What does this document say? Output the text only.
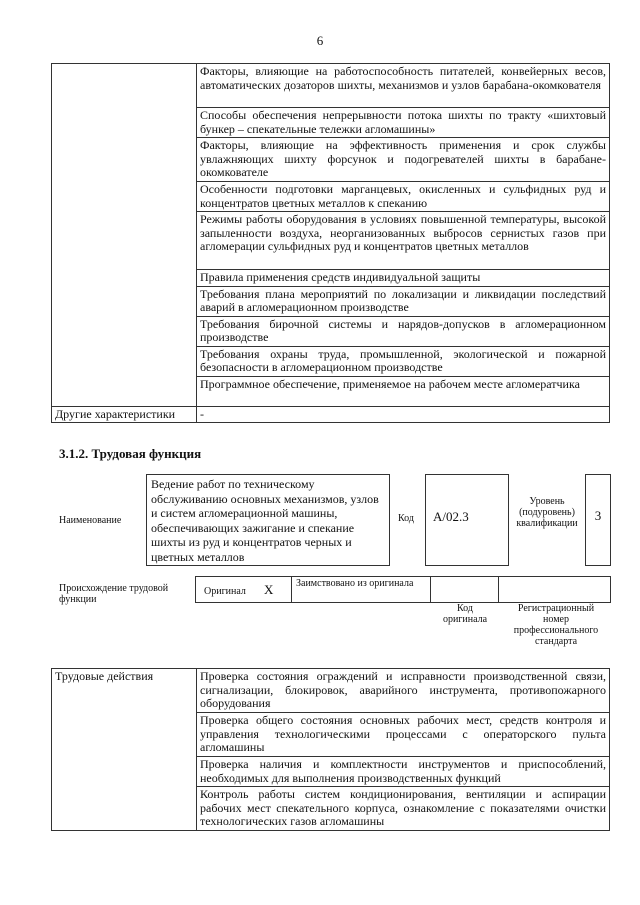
6
	Факторы, влияющие на работоспособность питателей, конвейерных весов, автоматических дозаторов шихты, механизмов и узлов барабана-окомкователя
	Способы обеспечения непрерывности потока шихты по тракту «шихтовый бункер – спекательные тележки агломашины»
	Факторы, влияющие на эффективность применения и срок службы увлажняющих шихту форсунок и подогревателей шихты в барабане-окомкователе
	Особенности подготовки марганцевых, окисленных и сульфидных руд и концентратов цветных металлов к спеканию
	Режимы работы оборудования в условиях повышенной температуры, высокой запыленности воздуха, неорганизованных выбросов сернистых газов при агломерации сульфидных руд и концентратов цветных металлов
	Правила применения средств индивидуальной защиты
	Требования плана мероприятий по локализации и ликвидации последствий аварий в агломерационном производстве
	Требования бирочной системы и нарядов-допусков в агломерационном производстве
	Требования охраны труда, промышленной, экологической и пожарной безопасности в агломерационном производстве
	Программное обеспечение, применяемое на рабочем месте агломератчика
Другие характеристики	-
3.1.2. Трудовая функция
Наименование
Ведение работ по техническому обслуживанию основных механизмов, узлов и систем агломерационной машины, обеспечивающих зажигание и спекание шихты из руд и концентратов черных и цветных металлов
Код	А/02.3
Уровень (подуровень) квалификации
3
Происхождение трудовой функции
Оригинал X Заимствовано из оригинала
Код оригинала
Регистрационный номер профессионального стандарта
Трудовые действия	Проверка состояния ограждений и исправности производственной связи, сигнализации, блокировок, аварийного инструмента, противопожарного оборудования
Проверка общего состояния основных рабочих мест, средств контроля и управления технологическими процессами с операторского пульта агломашины
Проверка наличия и комплектности инструментов и приспособлений, необходимых для выполнения производственных функций
Контроль работы систем кондиционирования, вентиляции и аспирации рабочих мест спекательного корпуса, ознакомление с показателями очистки технологических газов агломашины
